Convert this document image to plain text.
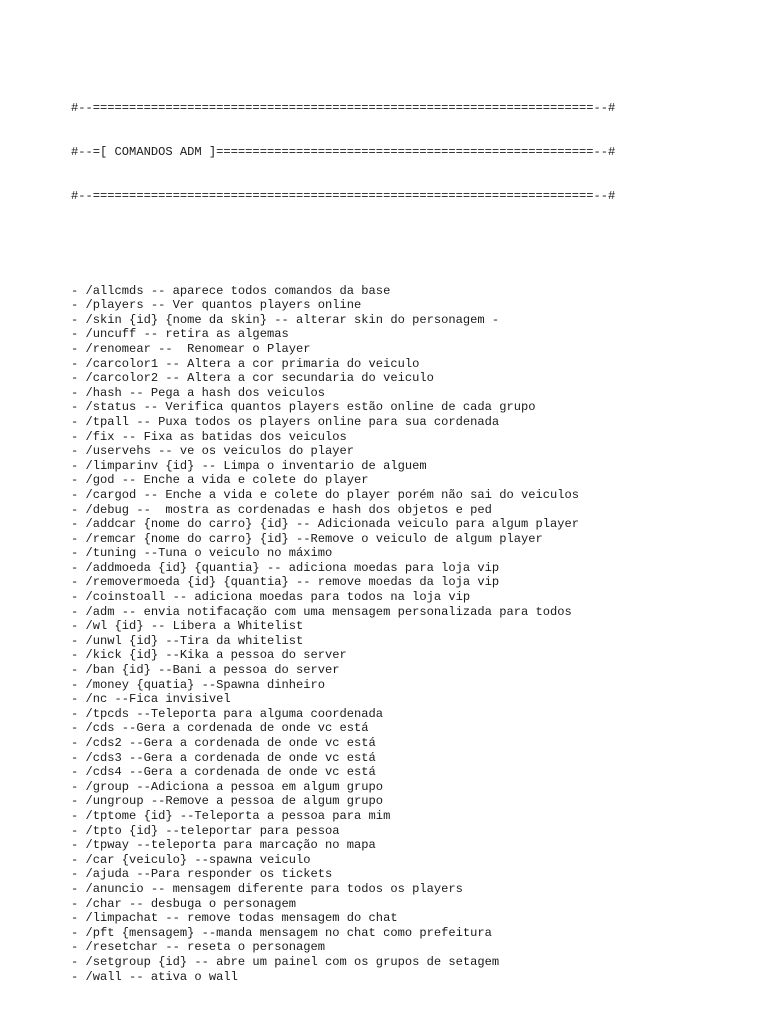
#--=====================================================================--#

#--=[ COMANDOS ADM ]====================================================--#

#--=====================================================================--#

- /allcmds -- aparece todos comandos da base
- /players -- Ver quantos players online
- /skin {id} {nome da skin} -- alterar skin do personagem -
- /uncuff -- retira as algemas
- /renomear --  Renomear o Player
- /carcolor1 -- Altera a cor primaria do veiculo
- /carcolor2 -- Altera a cor secundaria do veiculo
- /hash -- Pega a hash dos veiculos
- /status -- Verifica quantos players estão online de cada grupo
- /tpall -- Puxa todos os players online para sua cordenada
- /fix -- Fixa as batidas dos veiculos
- /uservehs -- ve os veiculos do player
- /limparinv {id} -- Limpa o inventario de alguem
- /god -- Enche a vida e colete do player
- /cargod -- Enche a vida e colete do player porém não sai do veiculos
- /debug --  mostra as cordenadas e hash dos objetos e ped
- /addcar {nome do carro} {id} -- Adicionada veiculo para algum player
- /remcar {nome do carro} {id} --Remove o veiculo de algum player
- /tuning --Tuna o veiculo no máximo
- /addmoeda {id} {quantia} -- adiciona moedas para loja vip
- /removermoeda {id} {quantia} -- remove moedas da loja vip
- /coinstoall -- adiciona moedas para todos na loja vip
- /adm -- envia notifacação com uma mensagem personalizada para todos
- /wl {id} -- Libera a Whitelist
- /unwl {id} --Tira da whitelist
- /kick {id} --Kika a pessoa do server
- /ban {id} --Bani a pessoa do server
- /money {quatia} --Spawna dinheiro
- /nc --Fica invisivel
- /tpcds --Teleporta para alguma coordenada
- /cds --Gera a cordenada de onde vc está
- /cds2 --Gera a cordenada de onde vc está
- /cds3 --Gera a cordenada de onde vc está
- /cds4 --Gera a cordenada de onde vc está
- /group --Adiciona a pessoa em algum grupo
- /ungroup --Remove a pessoa de algum grupo
- /tptome {id} --Teleporta a pessoa para mim
- /tpto {id} --teleportar para pessoa
- /tpway --teleporta para marcação no mapa
- /car {veiculo} --spawna veiculo
- /ajuda --Para responder os tickets
- /anuncio -- mensagem diferente para todos os players
- /char -- desbuga o personagem
- /limpachat -- remove todas mensagem do chat
- /pft {mensagem} --manda mensagem no chat como prefeitura
- /resetchar -- reseta o personagem
- /setgroup {id} -- abre um painel com os grupos de setagem
- /wall -- ativa o wall
